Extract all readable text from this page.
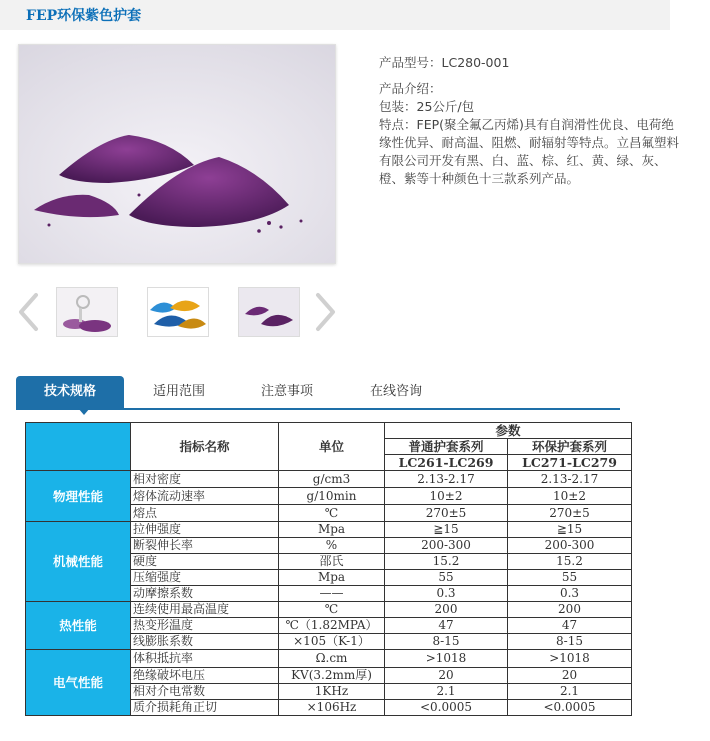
FEP环保紫色护套
产品型号：LC280-001
产品介绍：
包装：25公斤/包
特点：FEP(聚全氟乙丙烯)具有自润滑性优良、电荷绝缘性优异、耐高温、阻燃、耐辐射等特点。立昌氟塑料有限公司开发有黑、白、蓝、棕、红、黄、绿、灰、橙、紫等十种颜色十三款系列产品。
技术规格	适用范围	注意事项	在线咨询
	指标名称	单位	参数	
			普通护套系列	环保护套系列
			LC261-LC269	LC271-LC279
物理性能	相对密度	g/cm3	2.13-2.17	2.13-2.17
	熔体流动速率	g/10min	10±2	10±2
	熔点	℃	270±5	270±5
机械性能	拉伸强度	Mpa	≧15	≧15
	断裂伸长率	%	200-300	200-300
	硬度	邵氏	15.2	15.2
	压缩强度	Mpa	55	55
	动摩擦系数	——	0.3	0.3
热性能	连续使用最高温度	℃	200	200
	热变形温度	℃（1.82MPA）	47	47
	线膨胀系数	×105（K-1）	8-15	8-15
电气性能	体积抵抗率	Ω.cm	>1018	>1018
	绝缘破坏电压	KV(3.2mm厚)	20	20
	相对介电常数	1KHz	2.1	2.1
	质介损耗角正切	×106Hz	<0.0005	<0.0005
